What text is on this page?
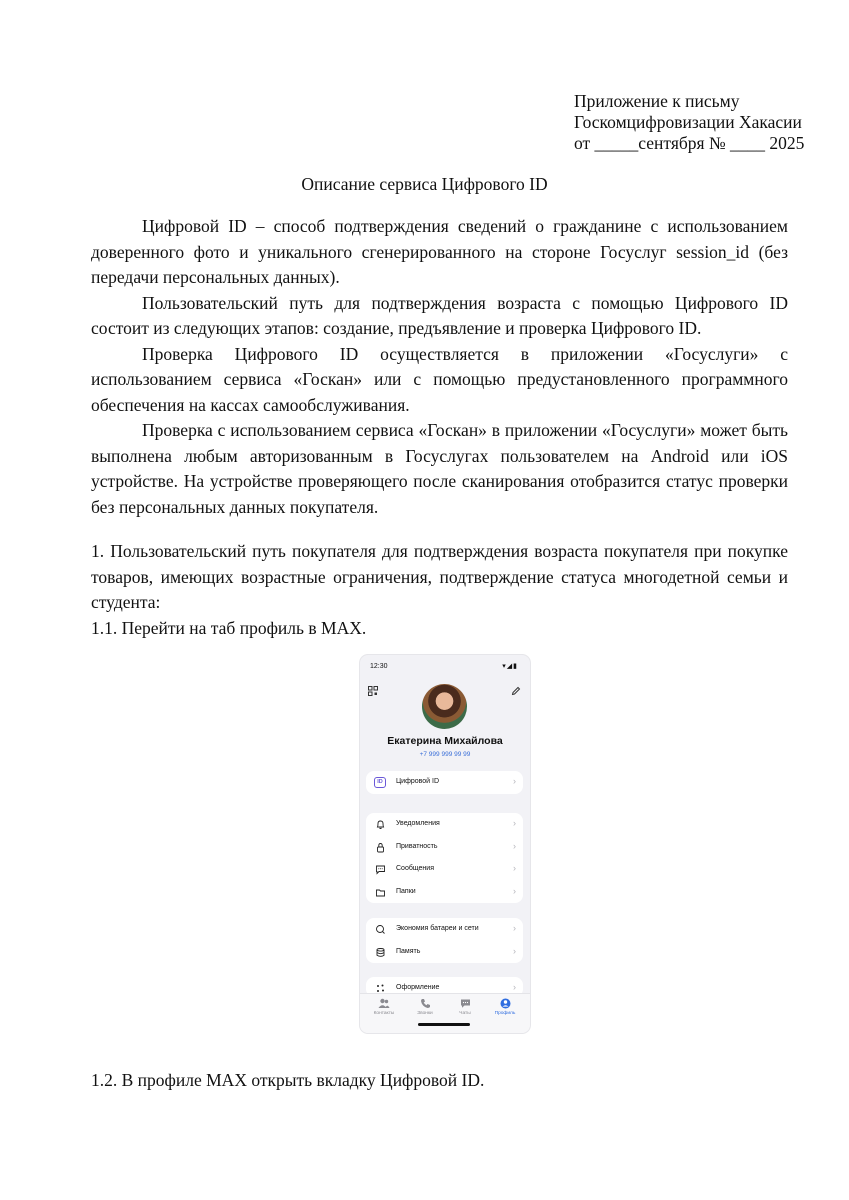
Приложение к письму
Госкомцифровизации Хакасии
от _____сентября № ____ 2025
Описание сервиса Цифрового ID

Цифровой ID – способ подтверждения сведений о гражданине с использованием доверенного фото и уникального сгенерированного на стороне Госуслуг session_id (без передачи персональных данных).

Пользовательский путь для подтверждения возраста с помощью Цифрового ID состоит из следующих этапов: создание, предъявление и проверка Цифрового ID.

Проверка Цифрового ID осуществляется в приложении «Госуслуги» с использованием сервиса «Госкан» или с помощью предустановленного программного обеспечения на кассах самообслуживания.

Проверка с использованием сервиса «Госкан» в приложении «Госуслуги» может быть выполнена любым авторизованным в Госуслугах пользователем на Android или iOS устройстве. На устройстве проверяющего после сканирования отобразится статус проверки без персональных данных покупателя.

1. Пользовательский путь покупателя для подтверждения возраста покупателя при покупке товаров, имеющих возрастные ограничения, подтверждение статуса многодетной семьи и студента:

1.1. Перейти на таб профиль в MAX.

12:30	▾◢▮
Екатерина Михайлова
+7 999 999 99 99
ID	Цифровой ID	›
Уведомления	›
Приватность	›
Сообщения	›
Папки	›
Экономия батареи и сети	›
Память	›
Оформление	›
Контакты	Звонки	Чаты	Профиль
1.2. В профиле MAX открыть вкладку Цифровой ID.
